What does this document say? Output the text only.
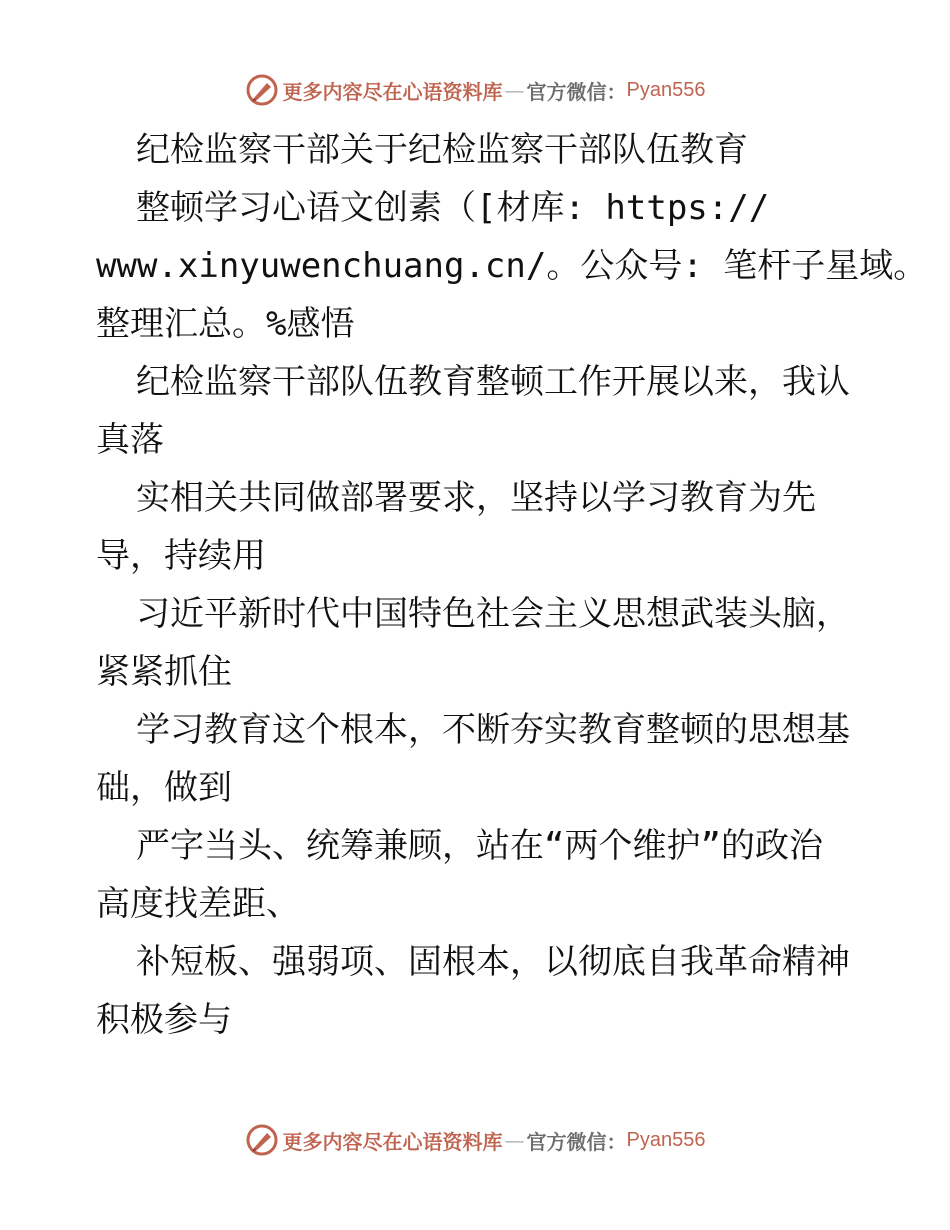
更多内容尽在心语资料库 — 官方微信： Pyan556
纪检监察干部关于纪检监察干部队伍教育
整顿学习心语文创素（[材库: https://
www.xinyuwenchuang.cn/。公众号: 笔杆子星域。
整理汇总。%感悟
纪检监察干部队伍教育整顿工作开展以来，我认
真落
实相关共同做部署要求，坚持以学习教育为先
导，持续用
习近平新时代中国特色社会主义思想武装头脑，
紧紧抓住
学习教育这个根本，不断夯实教育整顿的思想基
础，做到
严字当头、统筹兼顾，站在“两个维护”的政治
高度找差距、
补短板、强弱项、固根本，以彻底自我革命精神
积极参与
更多内容尽在心语资料库 — 官方微信： Pyan556
